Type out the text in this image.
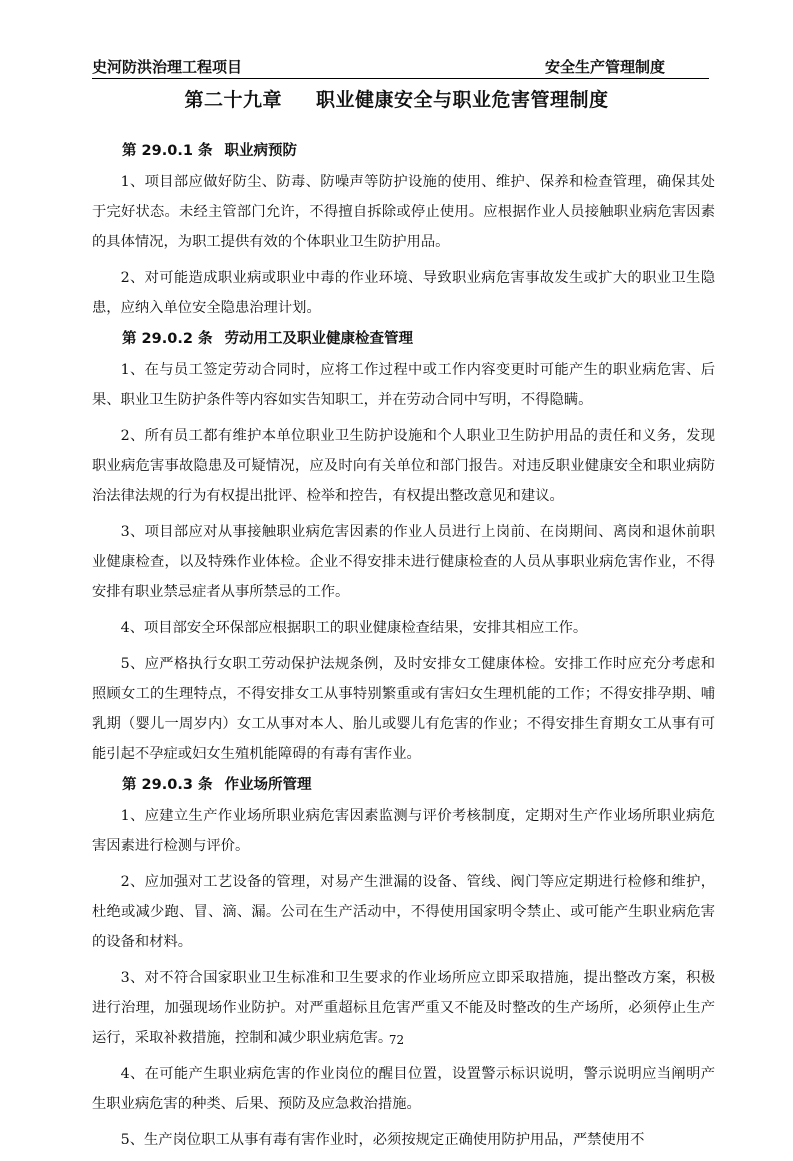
史河防洪治理工程项目	安全生产管理制度
第二十九章 职业健康安全与职业危害管理制度
第 29.0.1 条 职业病预防

1、项目部应做好防尘、防毒、防噪声等防护设施的使用、维护、保养和检查管理，确保其处于完好状态。未经主管部门允许，不得擅自拆除或停止使用。应根据作业人员接触职业病危害因素的具体情况，为职工提供有效的个体职业卫生防护用品。

2、对可能造成职业病或职业中毒的作业环境、导致职业病危害事故发生或扩大的职业卫生隐患，应纳入单位安全隐患治理计划。

第 29.0.2 条 劳动用工及职业健康检查管理

1、在与员工签定劳动合同时，应将工作过程中或工作内容变更时可能产生的职业病危害、后果、职业卫生防护条件等内容如实告知职工，并在劳动合同中写明，不得隐瞒。

2、所有员工都有维护本单位职业卫生防护设施和个人职业卫生防护用品的责任和义务，发现职业病危害事故隐患及可疑情况，应及时向有关单位和部门报告。对违反职业健康安全和职业病防治法律法规的行为有权提出批评、检举和控告，有权提出整改意见和建议。

3、项目部应对从事接触职业病危害因素的作业人员进行上岗前、在岗期间、离岗和退休前职业健康检查，以及特殊作业体检。企业不得安排未进行健康检查的人员从事职业病危害作业，不得安排有职业禁忌症者从事所禁忌的工作。

4、项目部安全环保部应根据职工的职业健康检查结果，安排其相应工作。

5、应严格执行女职工劳动保护法规条例，及时安排女工健康体检。安排工作时应充分考虑和照顾女工的生理特点，不得安排女工从事特别繁重或有害妇女生理机能的工作；不得安排孕期、哺乳期（婴儿一周岁内）女工从事对本人、胎儿或婴儿有危害的作业；不得安排生育期女工从事有可能引起不孕症或妇女生殖机能障碍的有毒有害作业。

第 29.0.3 条 作业场所管理

1、应建立生产作业场所职业病危害因素监测与评价考核制度，定期对生产作业场所职业病危害因素进行检测与评价。

2、应加强对工艺设备的管理，对易产生泄漏的设备、管线、阀门等应定期进行检修和维护，杜绝或减少跑、冒、滴、漏。公司在生产活动中，不得使用国家明令禁止、或可能产生职业病危害的设备和材料。

3、对不符合国家职业卫生标准和卫生要求的作业场所应立即采取措施，提出整改方案，积极进行治理，加强现场作业防护。对严重超标且危害严重又不能及时整改的生产场所，必须停止生产运行，采取补救措施，控制和减少职业病危害。

4、在可能产生职业病危害的作业岗位的醒目位置，设置警示标识说明，警示说明应当阐明产生职业病危害的种类、后果、预防及应急救治措施。

5、生产岗位职工从事有毒有害作业时，必须按规定正确使用防护用品，严禁使用不

72
